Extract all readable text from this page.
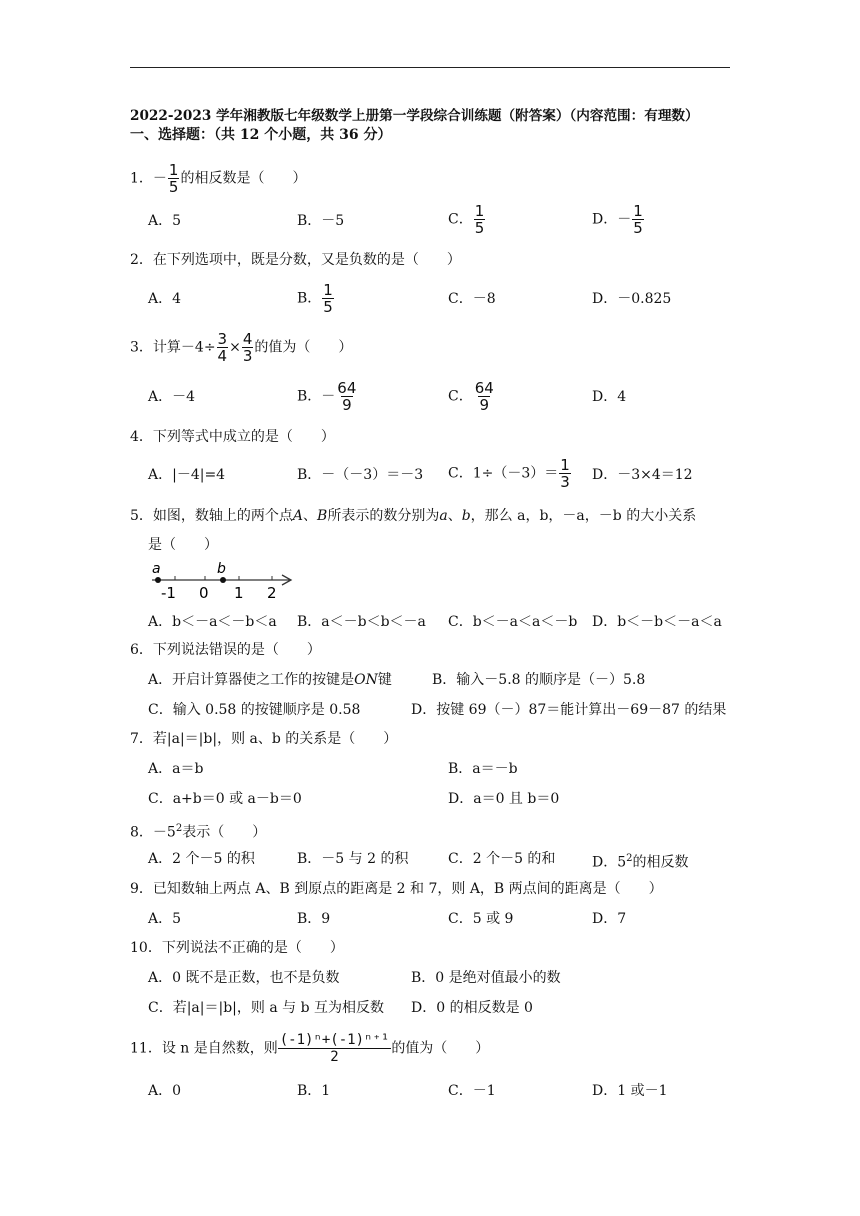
2022-2023 学年湘教版七年级数学上册第一学段综合训练题（附答案）（内容范围：有理数）
一、选择题：（共 12 个小题，共 36 分）
1．－ $\frac{1}{5}$ 的相反数是（　　）
A．5	B．－5	C． $\frac{1}{5}$	D．－ $\frac{1}{5}$
2．在下列选项中，既是分数，又是负数的是（　　）
A．4	B． $\frac{1}{5}$	C．－8	D．－0.825
3．计算$-4\div \frac{3}{4} \times \frac{4}{3}$ 的值为（　　）
A．－4	B．－ $\frac{64}{9}$	C． $\frac{64}{9}$	D．4
4．下列等式中成立的是（　　）
A．|－4|=4	B．－（－3）＝－3 C．$1\div(-3)= \frac{1}{3}$ D．－3×4＝12
5．如图，数轴上的两个点A、B所表示的数分别为a、b，那么 a，b，－a，－b 的大小关系
是（　　）
a	b
-1 0 1 2
A．b＜－a＜－b＜a B．a＜－b＜b＜－a C．b＜－a＜a＜－b D．b＜－b＜－a＜a
6．下列说法错误的是（　　）
A．开启计算器使之工作的按键是ON键	B．输入－5.8 的顺序是（－）5.8
C．输入 0.58 的按键顺序是 0.58	D．按键 69（－）87＝能计算出－69－87 的结果
7．若|a|＝|b|，则 a、b 的关系是（　　）
A．a＝b	B．a＝－b
C．a+b＝0 或 a－b＝0	D．a＝0 且 b＝0
8．$-5^2$表示（　　）
A．2 个－5 的积	B．－5 与 2 的积	C．2 个－5 的和	D．$5^2$的相反数
9．已知数轴上两点 A、B 到原点的距离是 2 和 7，则 A，B 两点间的距离是（　　）
A．5	B．9	C．5 或 9	D．7
10．下列说法不正确的是（　　）
A．0 既不是正数，也不是负数	B．0 是绝对值最小的数
C．若|a|＝|b|，则 a 与 b 互为相反数 D．0 的相反数是 0
11．设 n 是自然数，则 $\frac{\text{(-1)ⁿ+(-1)ⁿ⁺¹}}{2}$ 的值为（　　）
A．0	B．1	C．－1	D．1 或－1
